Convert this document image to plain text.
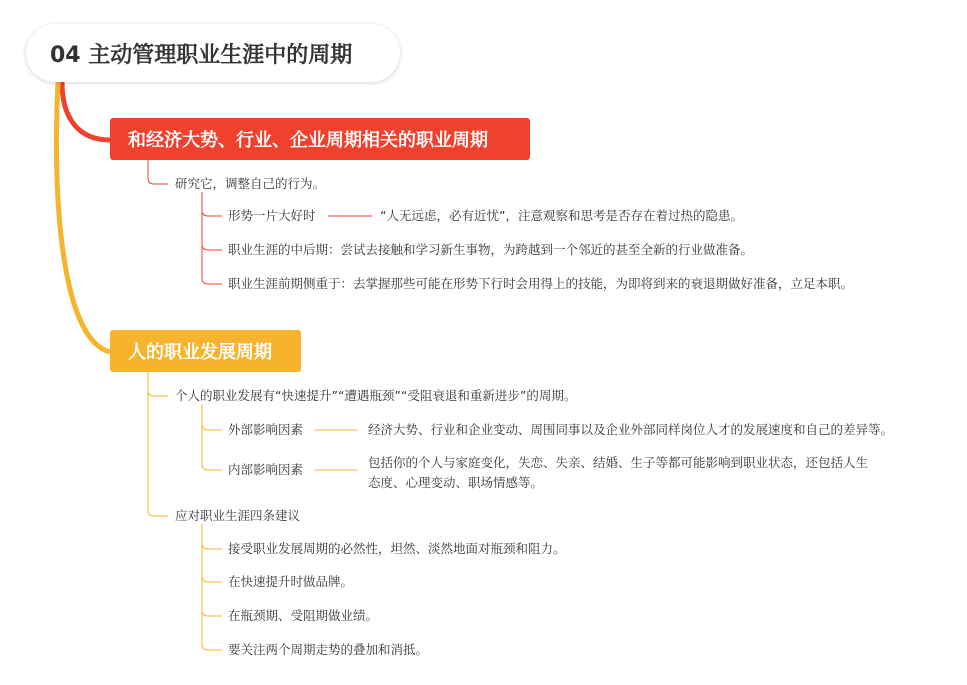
04 主动管理职业生涯中的周期
和经济大势、行业、企业周期相关的职业周期
研究它，调整自己的行为。
形势一片大好时	“人无远虑，必有近忧”，注意观察和思考是否存在着过热的隐患。
职业生涯的中后期：尝试去接触和学习新生事物，为跨越到一个邻近的甚至全新的行业做准备。
职业生涯前期侧重于：去掌握那些可能在形势下行时会用得上的技能，为即将到来的衰退期做好准备，立足本职。
人的职业发展周期
个人的职业发展有“快速提升”“遭遇瓶颈”“受阻衰退和重新进步”的周期。
外部影响因素	经济大势、行业和企业变动、周围同事以及企业外部同样岗位人才的发展速度和自己的差异等。
内部影响因素	包括你的个人与家庭变化，失恋、失亲、结婚、生子等都可能影响到职业状态，还包括人生态度、心理变动、职场情感等。
应对职业生涯四条建议
接受职业发展周期的必然性，坦然、淡然地面对瓶颈和阻力。
在快速提升时做品牌。
在瓶颈期、受阻期做业绩。
要关注两个周期走势的叠加和消抵。
